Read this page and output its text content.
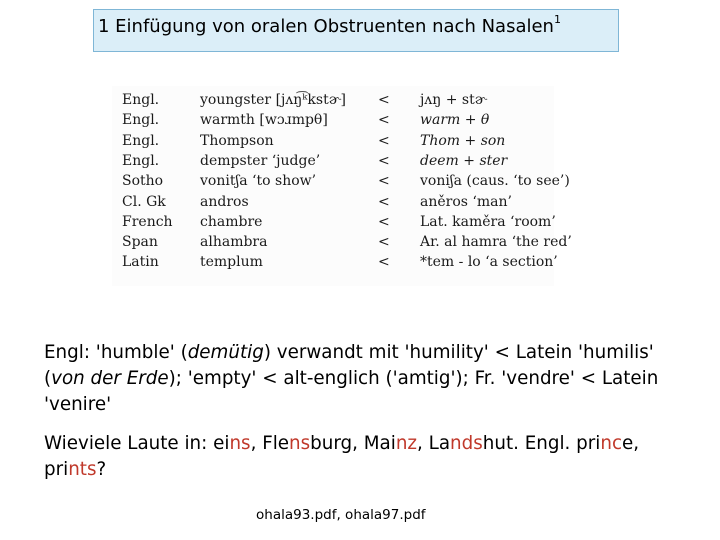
1 Einfügung von oralen Obstruenten nach Nasalen$^1$
Engl.	youngster [jʌŋ͡ᵏkstɚ] < jʌŋ + stɚ
Engl.	warmth [wɔɹmpθ]	< warm + θ
Engl.	Thompson	< Thom + son
Engl.	dempster ‘judge’	< deem + ster
Sotho	vonitʃa ‘to show’	< voniʃa (caus. ‘to see’)
Cl. Gk andros	< aněros ‘man’
French chambre	< Lat. kaměra ‘room’
Span	alhambra	< Ar. al hamra ‘the red’
Latin	templum	< *tem - lo ‘a section’
Engl: 'humble' (demütig) verwandt mit 'humility' < Latein 'humilis' (von der Erde); 'empty' < alt-englich ('amtig'); Fr. 'vendre' < Latein 'venire'
Wieviele Laute in: eins, Flensburg, Mainz, Landshut. Engl. prince, prints?
ohala93.pdf, ohala97.pdf
